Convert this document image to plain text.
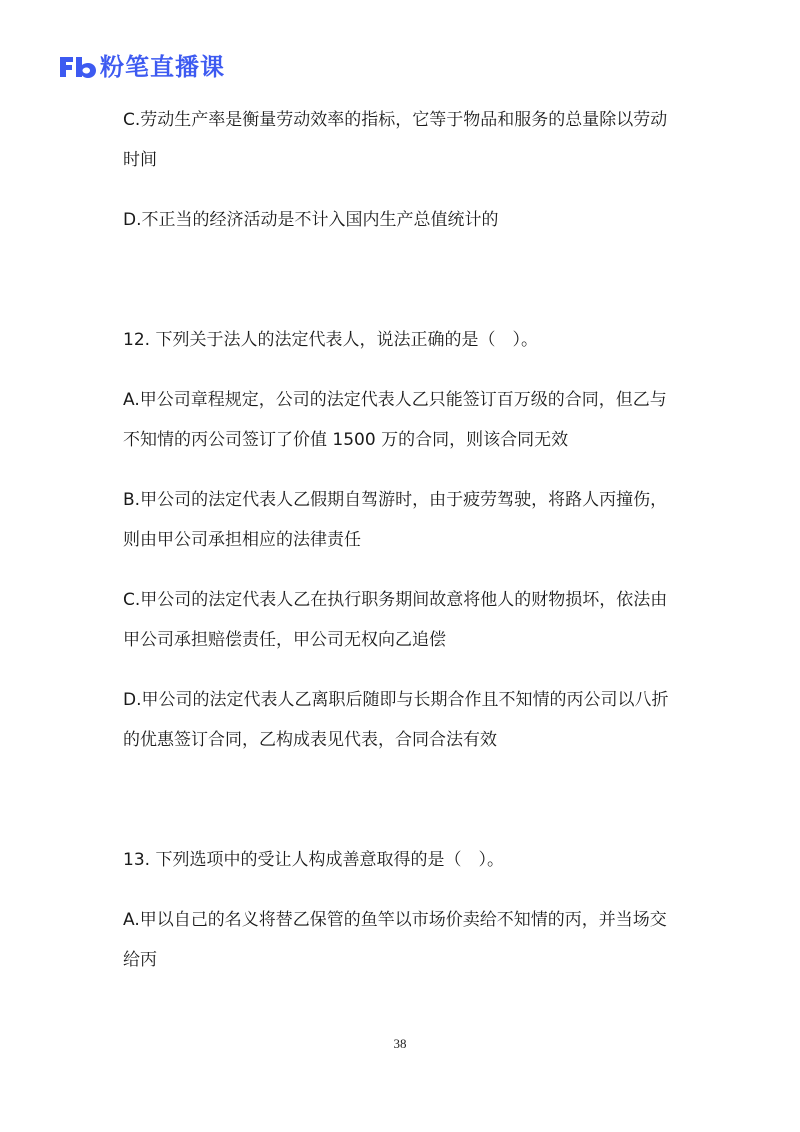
粉笔直播课

C.劳动生产率是衡量劳动效率的指标，它等于物品和服务的总量除以劳动时间

D.不正当的经济活动是不计入国内生产总值统计的

12. 下列关于法人的法定代表人，说法正确的是（　）。

A.甲公司章程规定，公司的法定代表人乙只能签订百万级的合同，但乙与不知情的丙公司签订了价值 1500 万的合同，则该合同无效

B.甲公司的法定代表人乙假期自驾游时，由于疲劳驾驶，将路人丙撞伤，则由甲公司承担相应的法律责任

C.甲公司的法定代表人乙在执行职务期间故意将他人的财物损坏，依法由甲公司承担赔偿责任，甲公司无权向乙追偿

D.甲公司的法定代表人乙离职后随即与长期合作且不知情的丙公司以八折的优惠签订合同，乙构成表见代表，合同合法有效

13. 下列选项中的受让人构成善意取得的是（　）。

A.甲以自己的名义将替乙保管的鱼竿以市场价卖给不知情的丙，并当场交给丙

38
